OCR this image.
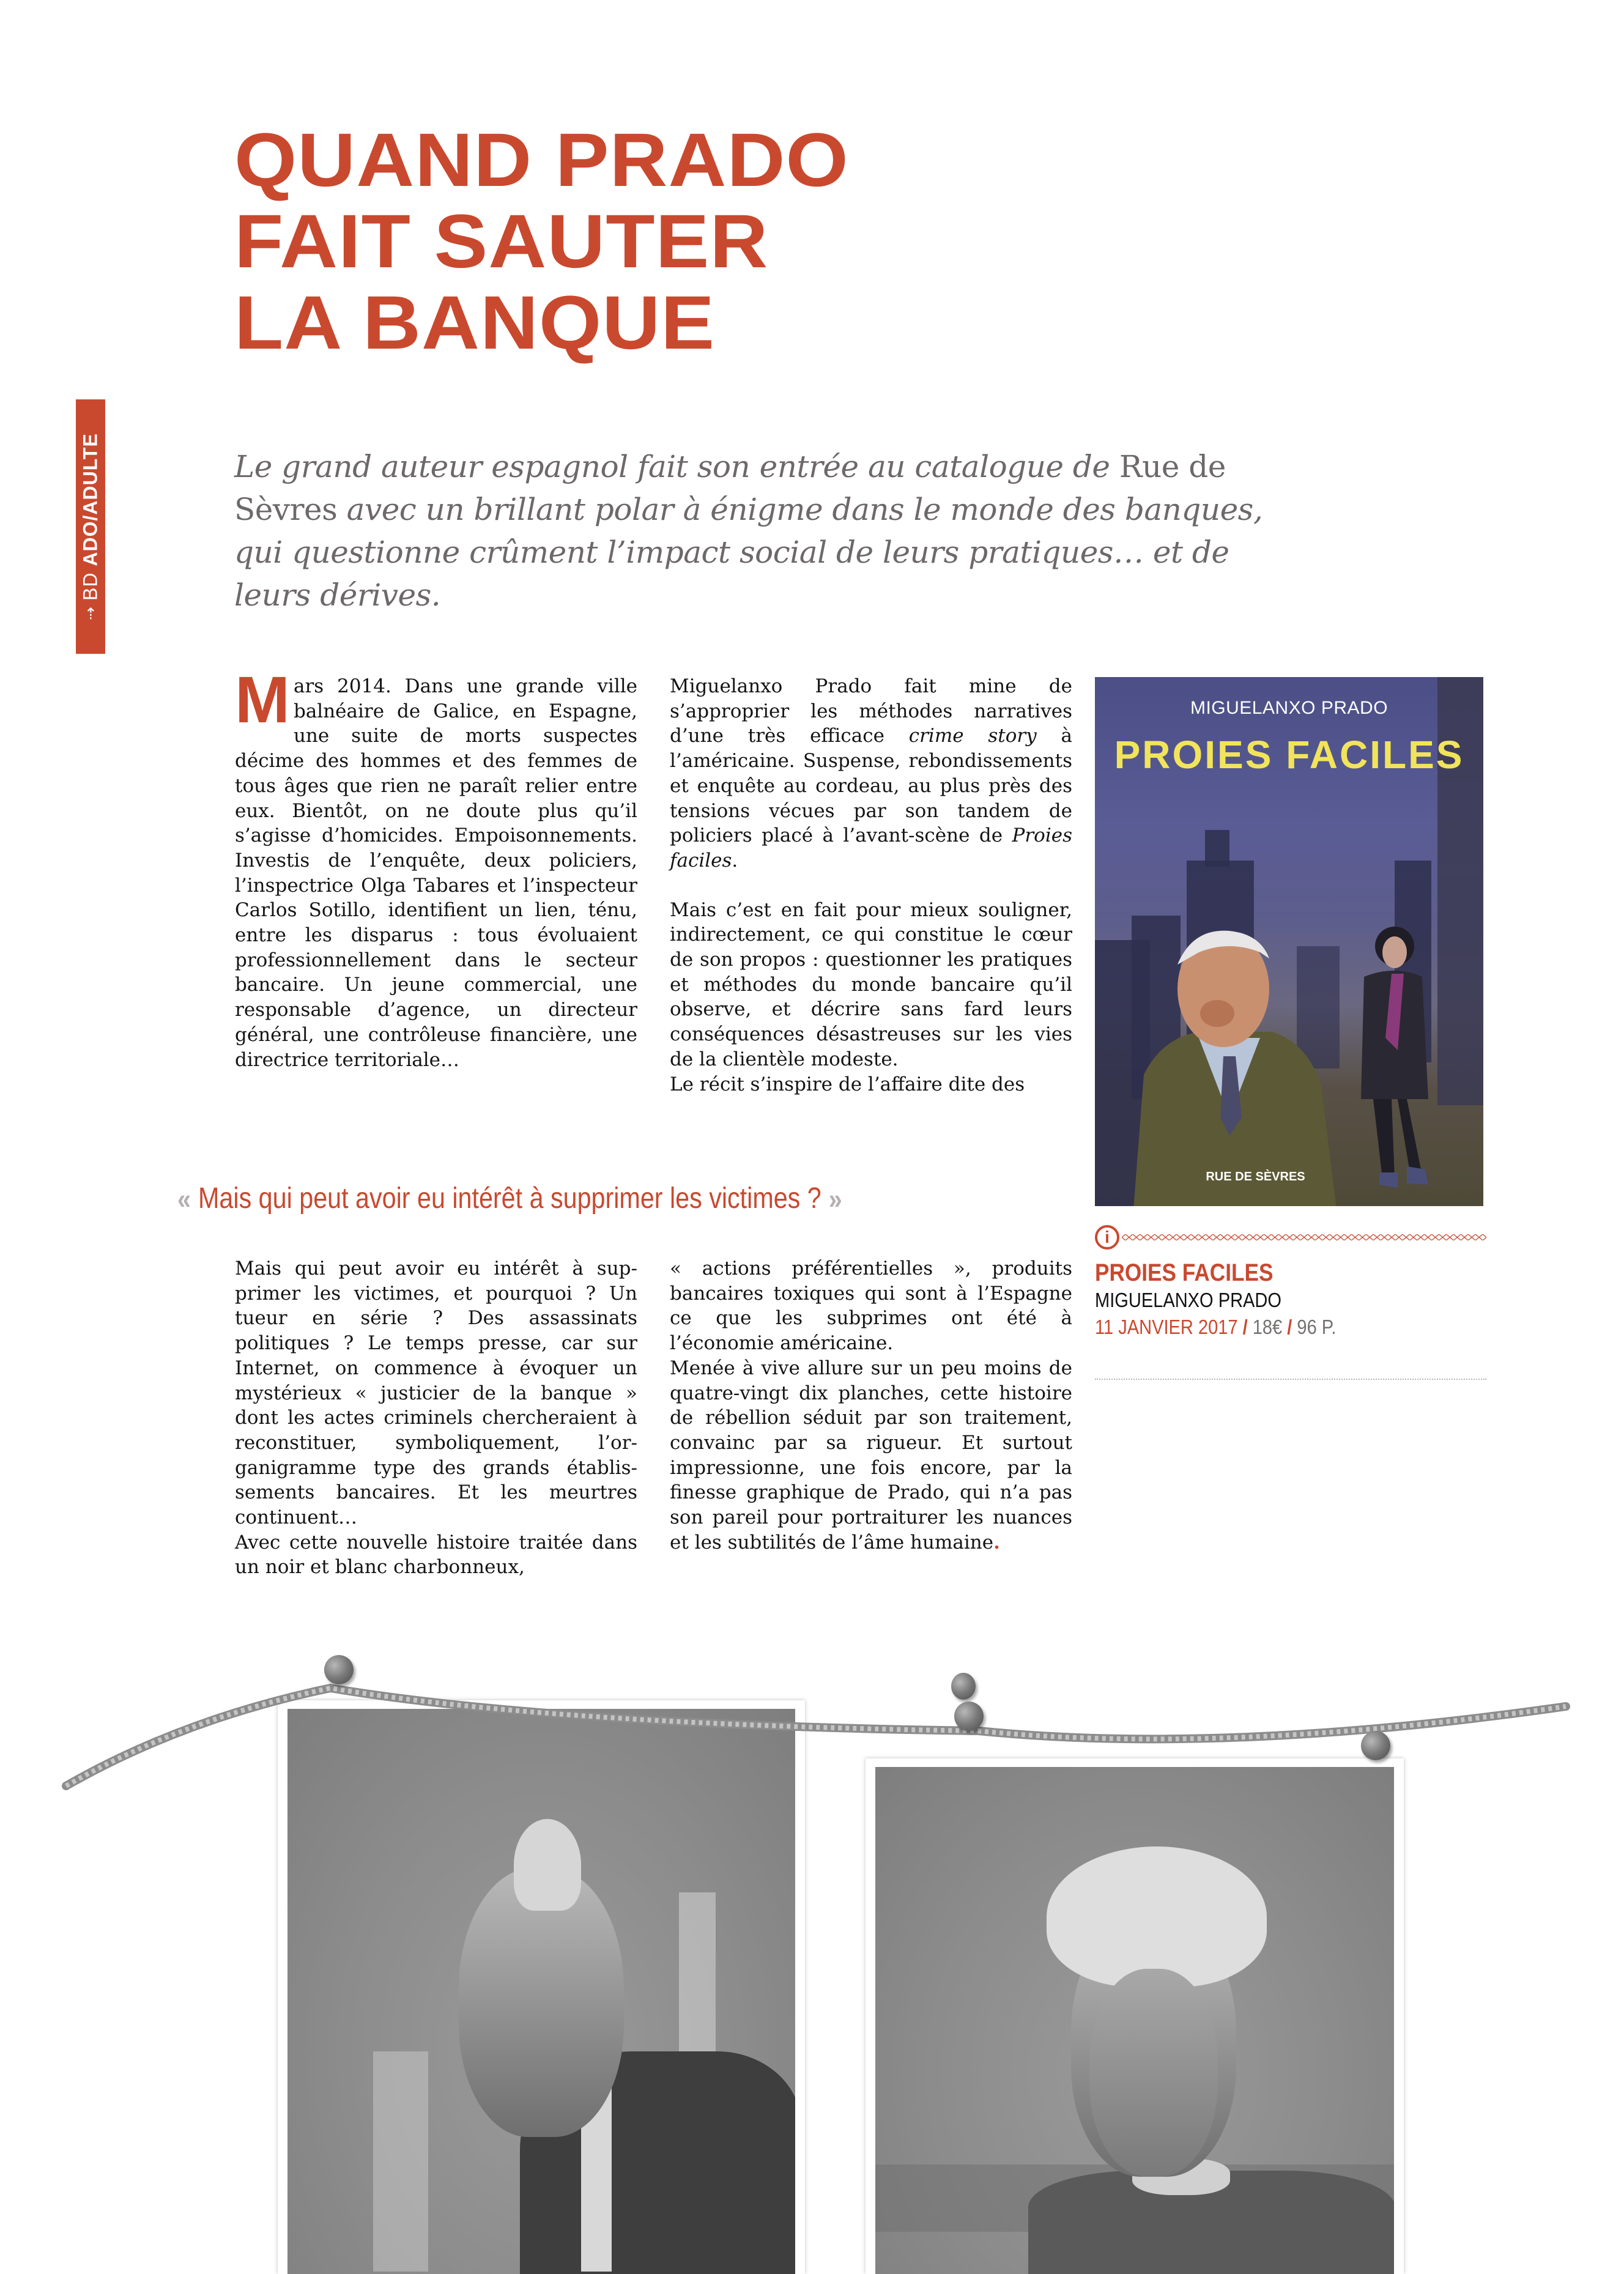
⇢
BD
ADO/ADULTE
QUAND PRADO
FAIT SAUTER
LA BANQUE

Le grand auteur espagnol fait son entrée au catalogue de Rue de Sèvres avec un brillant polar à énigme dans le monde des banques, qui questionne crûment l’impact social de leurs pratiques… et de leurs dérives.

Mars 2014. Dans une grande ville balnéaire de Galice, en Espagne, une suite de morts suspectes décime des hommes et des femmes de tous âges que rien ne paraît relier entre eux. Bientôt, on ne doute plus qu’il s’agisse d’homicides. Empoisonnements. Investis de l’enquête, deux policiers, l’inspectrice Olga Tabares et l’inspecteur Carlos Sotillo, identifient un lien, ténu, entre les disparus : tous évoluaient professionnellement dans le secteur bancaire. Un jeune commercial, une responsable d’agence, un directeur général, une contrôleuse financière, une directrice territoriale…

Miguelanxo Prado fait mine de s’approprier les méthodes narratives d’une très efficace crime story à l’américaine. Suspense, rebondissements et enquête au cordeau, au plus près des tensions vécues par son tandem de policiers placé à l’avant-scène de Proies faciles.

Mais c’est en fait pour mieux souligner, indirectement, ce qui constitue le cœur de son propos : questionner les pratiques et méthodes du monde bancaire qu’il observe, et décrire sans fard leurs conséquences désastreuses sur les vies de la clientèle modeste.

Le récit s’inspire de l’affaire dite des

« Mais qui peut avoir eu intérêt à supprimer les victimes ? »

Mais qui peut avoir eu intérêt à supprimer les victimes, et pourquoi ? Un tueur en série ? Des assassinats politiques ? Le temps presse, car sur Internet, on commence à évoquer un mystérieux « justicier de la banque » dont les actes criminels chercheraient à reconstituer, symboliquement, l’organigramme type des grands établissements bancaires. Et les meurtres continuent…

Avec cette nouvelle histoire traitée dans un noir et blanc charbonneux,

« actions préférentielles », produits bancaires toxiques qui sont à l’Espagne ce que les subprimes ont été à l’économie américaine.

Menée à vive allure sur un peu moins de quatre-vingt dix planches, cette histoire de rébellion séduit par son traitement, convainc par sa rigueur. Et surtout impressionne, une fois encore, par la finesse graphique de Prado, qui n’a pas son pareil pour portraiturer les nuances et les subtilités de l’âme humaine.

MIGUELANXO PRADO
PROIES FACILES
RUE DE SÈVRES
i
PROIES FACILES
MIGUELANXO PRADO
11 JANVIER 2017 / 18€ / 96 P.
